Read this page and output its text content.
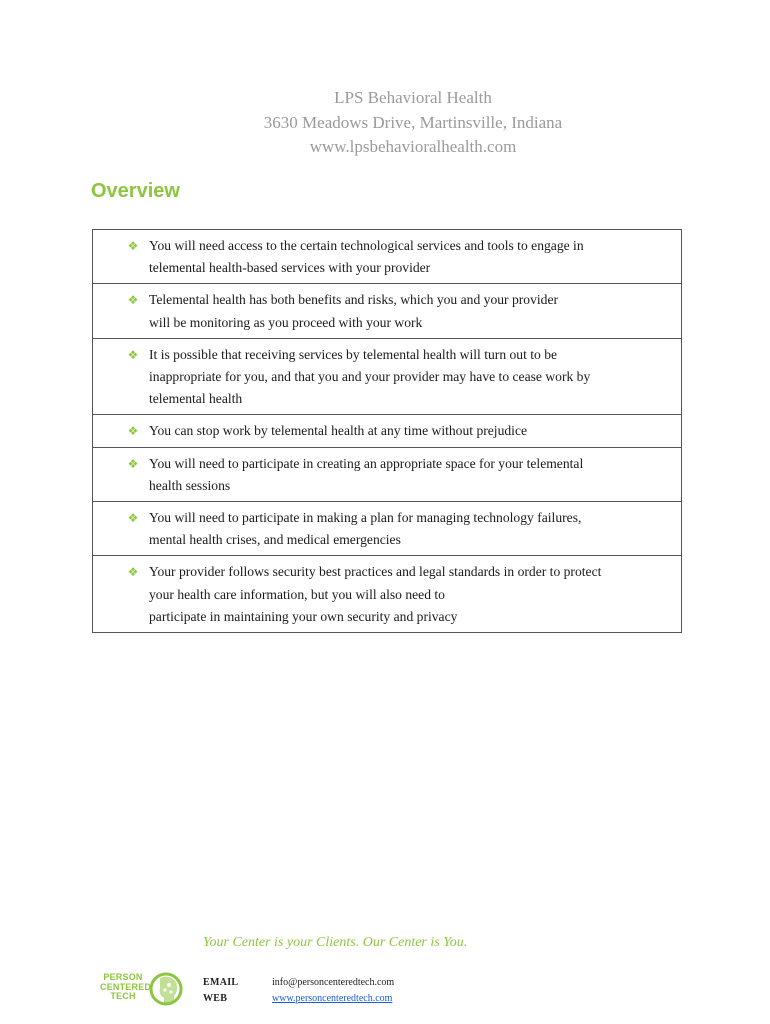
LPS Behavioral Health
3630 Meadows Drive, Martinsville, Indiana
www.lpsbehavioralhealth.com
Overview
❖ You will need access to the certain technological services and tools to engage in
telemental health-based services with your provider

❖ Telemental health has both benefits and risks, which you and your provider
will be monitoring as you proceed with your work

❖ It is possible that receiving services by telemental health will turn out to be
inappropriate for you, and that you and your provider may have to cease work by
telemental health

❖ You can stop work by telemental health at any time without prejudice

❖ You will need to participate in creating an appropriate space for your telemental
health sessions

❖ You will need to participate in making a plan for managing technology failures,
mental health crises, and medical emergencies

❖ Your provider follows security best practices and legal standards in order to protect
your health care information, but you will also need to
participate in maintaining your own security and privacy
Your Center is your Clients. Our Center is You.
PERSON
CENTERED
TECH
EMAIL	info@personcenteredtech.com
WEB	www.personcenteredtech.com
